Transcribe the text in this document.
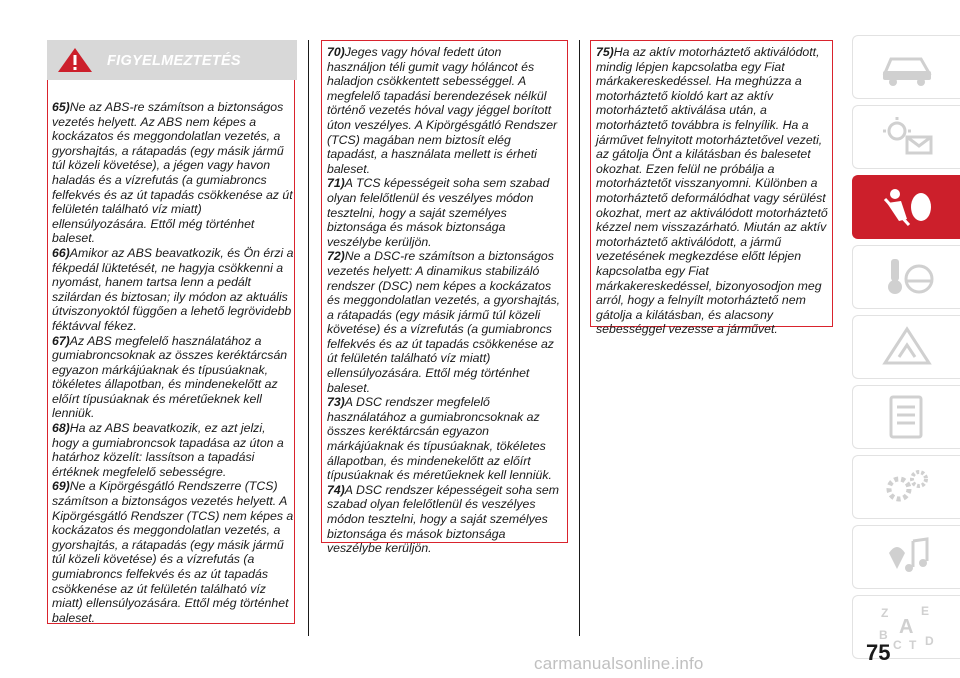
FIGYELMEZTETÉS

65)Ne az ABS-re számítson a biztonságos vezetés helyett. Az ABS nem képes a kockázatos és meggondolatlan vezetés, a gyorshajtás, a rátapadás (egy másik jármű túl közeli követése), a jégen vagy havon haladás és a vízrefutás (a gumiabroncs felfekvés és az út tapadás csökkenése az út felületén található víz miatt) ellensúlyozására. Ettől még történhet baleset.

66)Amikor az ABS beavatkozik, és Ön érzi a fékpedál lüktetését, ne hagyja csökkenni a nyomást, hanem tartsa lenn a pedált szilárdan és biztosan; ily módon az aktuális útviszonyoktól függően a lehető legrövidebb féktávval fékez.

67)Az ABS megfelelő használatához a gumiabroncsoknak az összes keréktárcsán egyazon márkájúaknak és típusúaknak, tökéletes állapotban, és mindenekelőtt az előírt típusúaknak és méretűeknek kell lenniük.

68)Ha az ABS beavatkozik, ez azt jelzi, hogy a gumiabroncsok tapadása az úton a határhoz közelít: lassítson a tapadási értéknek megfelelő sebességre.

69)Ne a Kipörgésgátló Rendszerre (TCS) számítson a biztonságos vezetés helyett. A Kipörgésgátló Rendszer (TCS) nem képes a kockázatos és meggondolatlan vezetés, a gyorshajtás, a rátapadás (egy másik jármű túl közeli követése) és a vízrefutás (a gumiabroncs felfekvés és az út tapadás csökkenése az út felületén található víz miatt) ellensúlyozására. Ettől még történhet baleset.

70)Jeges vagy hóval fedett úton használjon téli gumit vagy hóláncot és haladjon csökkentett sebességgel. A megfelelő tapadási berendezések nélkül történő vezetés hóval vagy jéggel borított úton veszélyes. A Kipörgésgátló Rendszer (TCS) magában nem biztosít elég tapadást, a használata mellett is érheti baleset.

71)A TCS képességeit soha sem szabad olyan felelőtlenül és veszélyes módon tesztelni, hogy a saját személyes biztonsága és mások biztonsága veszélybe kerüljön.

72)Ne a DSC-re számítson a biztonságos vezetés helyett: A dinamikus stabilizáló rendszer (DSC) nem képes a kockázatos és meggondolatlan vezetés, a gyorshajtás, a rátapadás (egy másik jármű túl közeli követése) és a vízrefutás (a gumiabroncs felfekvés és az út tapadás csökkenése az út felületén található víz miatt) ellensúlyozására. Ettől még történhet baleset.

73)A DSC rendszer megfelelő használatához a gumiabroncsoknak az összes keréktárcsán egyazon márkájúaknak és típusúaknak, tökéletes állapotban, és mindenekelőtt az előírt típusúaknak és méretűeknek kell lenniük.

74)A DSC rendszer képességeit soha sem szabad olyan felelőtlenül és veszélyes módon tesztelni, hogy a saját személyes biztonsága és mások biztonsága veszélybe kerüljön.

75)Ha az aktív motorháztető aktiválódott, mindig lépjen kapcsolatba egy Fiat márkakereskedéssel. Ha meghúzza a motorháztető kioldó kart az aktív motorháztető aktiválása után, a motorháztető továbbra is felnyílik. Ha a járművet felnyitott motorháztetővel vezeti, az gátolja Önt a kilátásban és balesetet okozhat. Ezen felül ne próbálja a motorháztetőt visszanyomni. Különben a motorháztető deformálódhat vagy sérülést okozhat, mert az aktiválódott motorháztető kézzel nem visszazárható. Miután az aktív motorháztető aktiválódott, a jármű vezetésének megkezdése előtt lépjen kapcsolatba egy Fiat márkakereskedéssel, bizonyosodjon meg arról, hogy a felnyílt motorháztető nem gátolja a kilátásban, és alacsony sebességgel vezesse a járművet.

Z	E
B A
C T D
75
carmanualsonline.info
